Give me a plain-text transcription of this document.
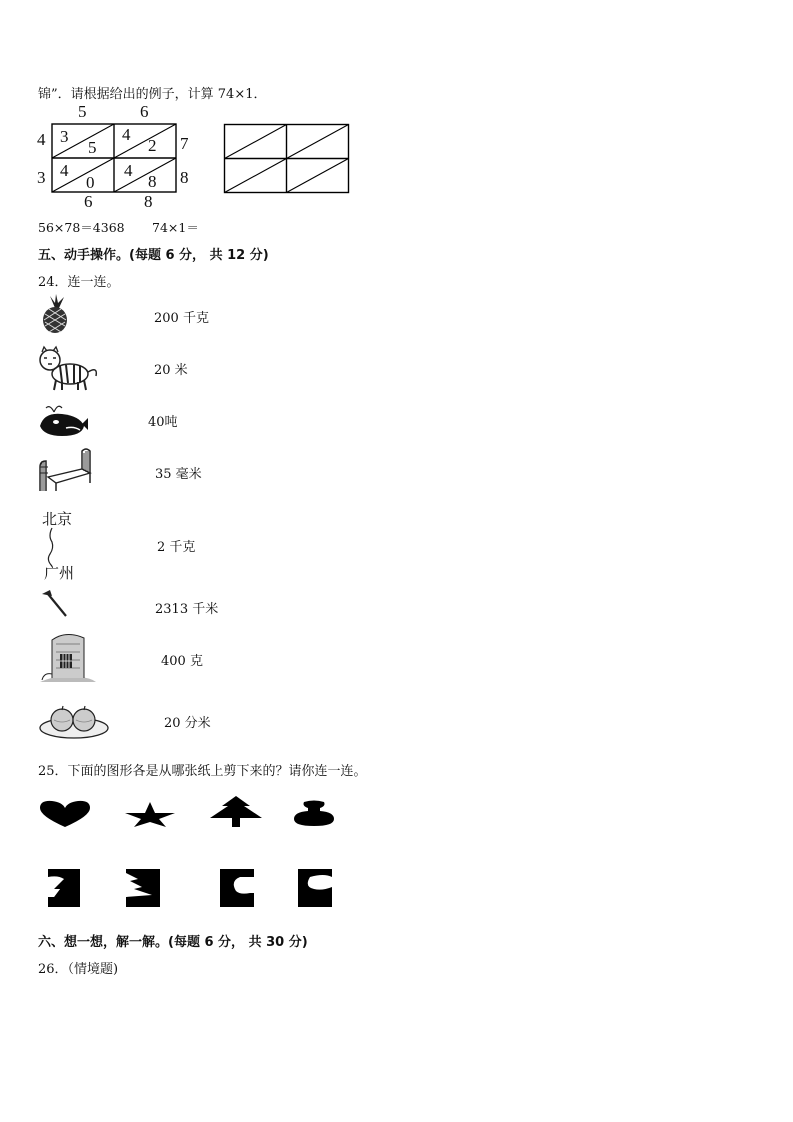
锦”．请根据给出的例子，计算 74×1．
5	6
4
3
7
8
6	8
3
5
4
2
4
0
4
8
56×78＝4368 74×1＝
五、动手操作。(每题 6 分， 共 12 分)
24．连一连。
200 千克
20 米
40吨
35 毫米
北京
广州
2 千克
2313 千米
400 克
20 分米
25．下面的图形各是从哪张纸上剪下来的？请你连一连。
六、想一想，解一解。(每题 6 分， 共 30 分)
26．（情境题)
